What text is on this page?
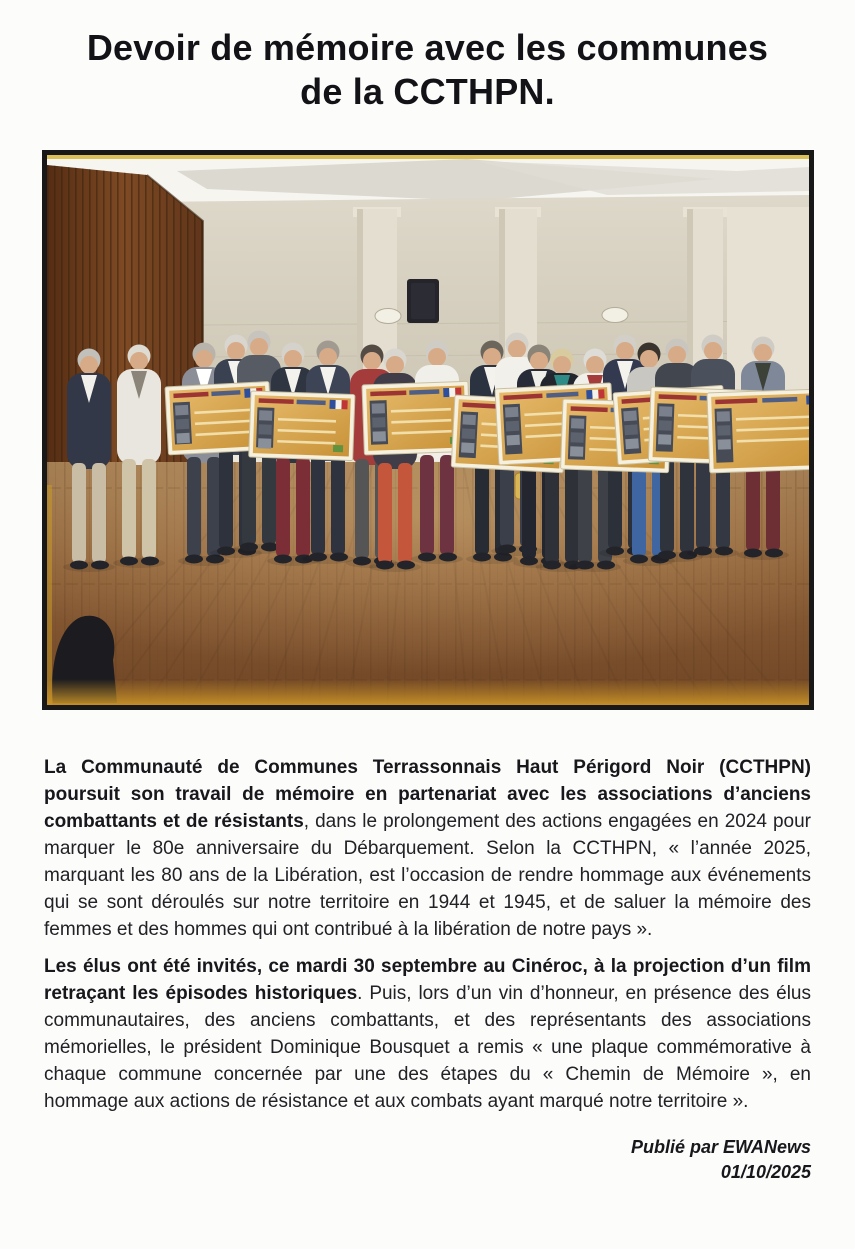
Devoir de mémoire avec les communes
de la CCTHPN.

La Communauté de Communes Terrassonnais Haut Périgord Noir (CCTHPN) poursuit son travail de mémoire en partenariat avec les associations d’anciens combattants et de résistants, dans le prolongement des actions engagées en 2024 pour marquer le 80e anniversaire du Débarquement. Selon la CCTHPN, « l’année 2025, marquant les 80 ans de la Libération, est l’occasion de rendre hommage aux événements qui se sont déroulés sur notre territoire en 1944 et 1945, et de saluer la mémoire des femmes et des hommes qui ont contribué à la libération de notre pays ».

Les élus ont été invités, ce mardi 30 septembre au Cinéroc, à la projection d’un film retraçant les épisodes historiques. Puis, lors d’un vin d’honneur, en présence des élus communautaires, des anciens combattants, et des représentants des associations mémorielles, le président Dominique Bousquet a remis « une plaque commémorative à chaque commune concernée par une des étapes du « Chemin de Mémoire », en hommage aux actions de résistance et aux combats ayant marqué notre territoire ».

Publié par EWANews
01/10/2025
